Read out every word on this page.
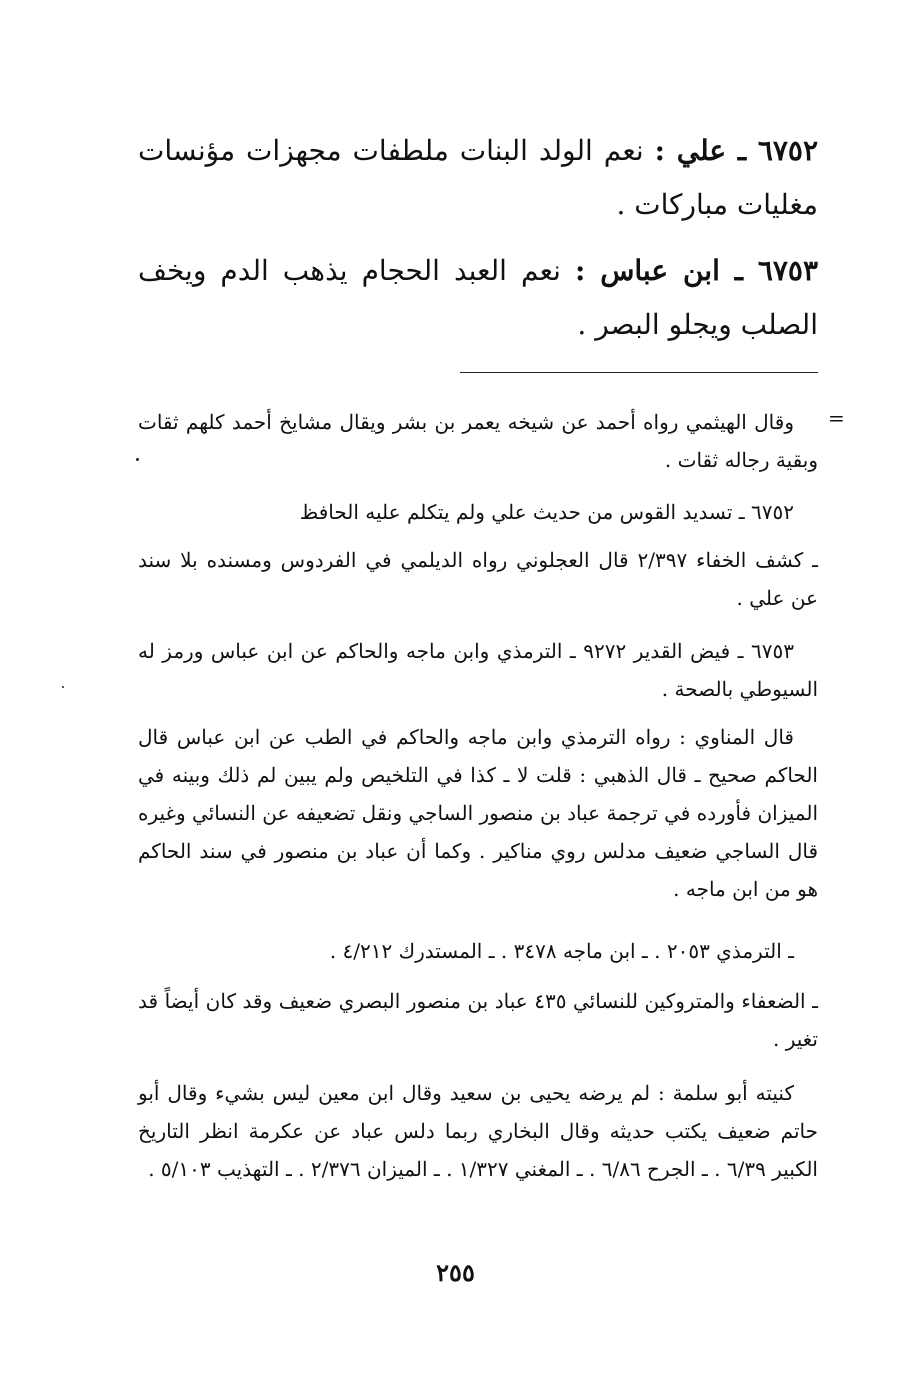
٦٧٥٢ ـ علي : نعم الولد البنات ملطفات مجهزات مؤنسات مغليات مباركات .

٦٧٥٣ ـ ابن عباس : نعم العبد الحجام يذهب الدم ويخف الصلب ويجلو البصر .

=

وقال الهيثمي رواه أحمد عن شيخه يعمر بن بشر ويقال مشايخ أحمد كلهم ثقات وبقية رجاله ثقات .

٦٧٥٢ ـ تسديد القوس من حديث علي ولم يتكلم عليه الحافظ

ـ كشف الخفاء ٢/٣٩٧ قال العجلوني رواه الديلمي في الفردوس ومسنده بلا سند عن علي .

٦٧٥٣ ـ فيض القدير ٩٢٧٢ ـ الترمذي وابن ماجه والحاكم عن ابن عباس ورمز له السيوطي بالصحة .

قال المناوي : رواه الترمذي وابن ماجه والحاكم في الطب عن ابن عباس قال الحاكم صحيح ـ قال الذهبي : قلت لا ـ كذا في التلخيص ولم يبين لم ذلك وبينه في الميزان فأورده في ترجمة عباد بن منصور الساجي ونقل تضعيفه عن النسائي وغيره قال الساجي ضعيف مدلس روي مناكير . وكما أن عباد بن منصور في سند الحاكم هو من ابن ماجه .

ـ الترمذي ٢٠٥٣ . ـ ابن ماجه ٣٤٧٨ . ـ المستدرك ٤/٢١٢ .

ـ الضعفاء والمتروكين للنسائي ٤٣٥ عباد بن منصور البصري ضعيف وقد كان أيضاً قد تغير .

كنيته أبو سلمة : لم يرضه يحيى بن سعيد وقال ابن معين ليس بشيء وقال أبو حاتم ضعيف يكتب حديثه وقال البخاري ربما دلس عباد عن عكرمة انظر التاريخ الكبير ٦/٣٩ . ـ الجرح ٦/٨٦ . ـ المغني ١/٣٢٧ . ـ الميزان ٢/٣٧٦ . ـ التهذيب ٥/١٠٣ .

٢٥٥
